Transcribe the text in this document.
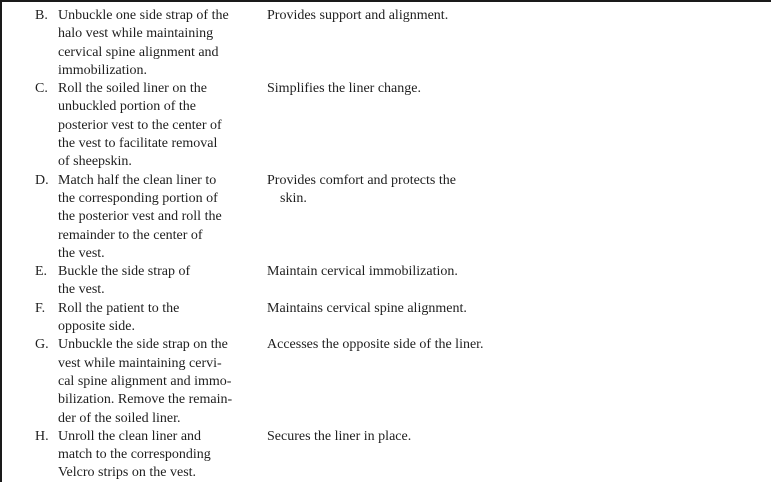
B. Unbuckle one side strap of the
halo vest while maintaining
cervical spine alignment and
immobilization.
Provides support and alignment.
C. Roll the soiled liner on the
unbuckled portion of the
posterior vest to the center of
the vest to facilitate removal
of sheepskin.
Simplifies the liner change.
D. Match half the clean liner to
the corresponding portion of
the posterior vest and roll the
remainder to the center of
the vest.
Provides comfort and protects the
skin.
E. Buckle the side strap of
the vest.
Maintain cervical immobilization.
F. Roll the patient to the
opposite side.
Maintains cervical spine alignment.
G. Unbuckle the side strap on the
vest while maintaining cervi-
cal spine alignment and immo-
bilization. Remove the remain-
der of the soiled liner.
Accesses the opposite side of the liner.
H. Unroll the clean liner and
match to the corresponding
Velcro strips on the vest.
Secures the liner in place.
